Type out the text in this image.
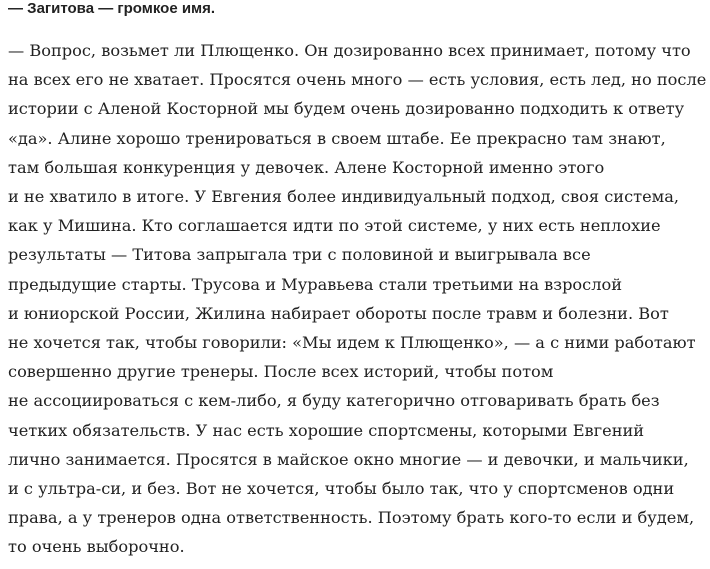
— Загитова — громкое имя.

— Вопрос, возьмет ли Плющенко. Он дозированно всех принимает, потому что
на всех его не хватает. Просятся очень много — есть условия, есть лед, но после
истории с Аленой Косторной мы будем очень дозированно подходить к ответу
«да». Алине хорошо тренироваться в своем штабе. Ее прекрасно там знают,
там большая конкуренция у девочек. Алене Косторной именно этого
и не хватило в итоге. У Евгения более индивидуальный подход, своя система,
как у Мишина. Кто соглашается идти по этой системе, у них есть неплохие
результаты — Титова запрыгала три с половиной и выигрывала все
предыдущие старты. Трусова и Муравьева стали третьими на взрослой
и юниорской России, Жилина набирает обороты после травм и болезни. Вот
не хочется так, чтобы говорили: «Мы идем к Плющенко», — а с ними работают
совершенно другие тренеры. После всех историй, чтобы потом
не ассоциироваться с кем-либо, я буду категорично отговаривать брать без
четких обязательств. У нас есть хорошие спортсмены, которыми Евгений
лично занимается. Просятся в майское окно многие — и девочки, и мальчики,
и с ультра-си, и без. Вот не хочется, чтобы было так, что у спортсменов одни
права, а у тренеров одна ответственность. Поэтому брать кого-то если и будем,
то очень выборочно.
